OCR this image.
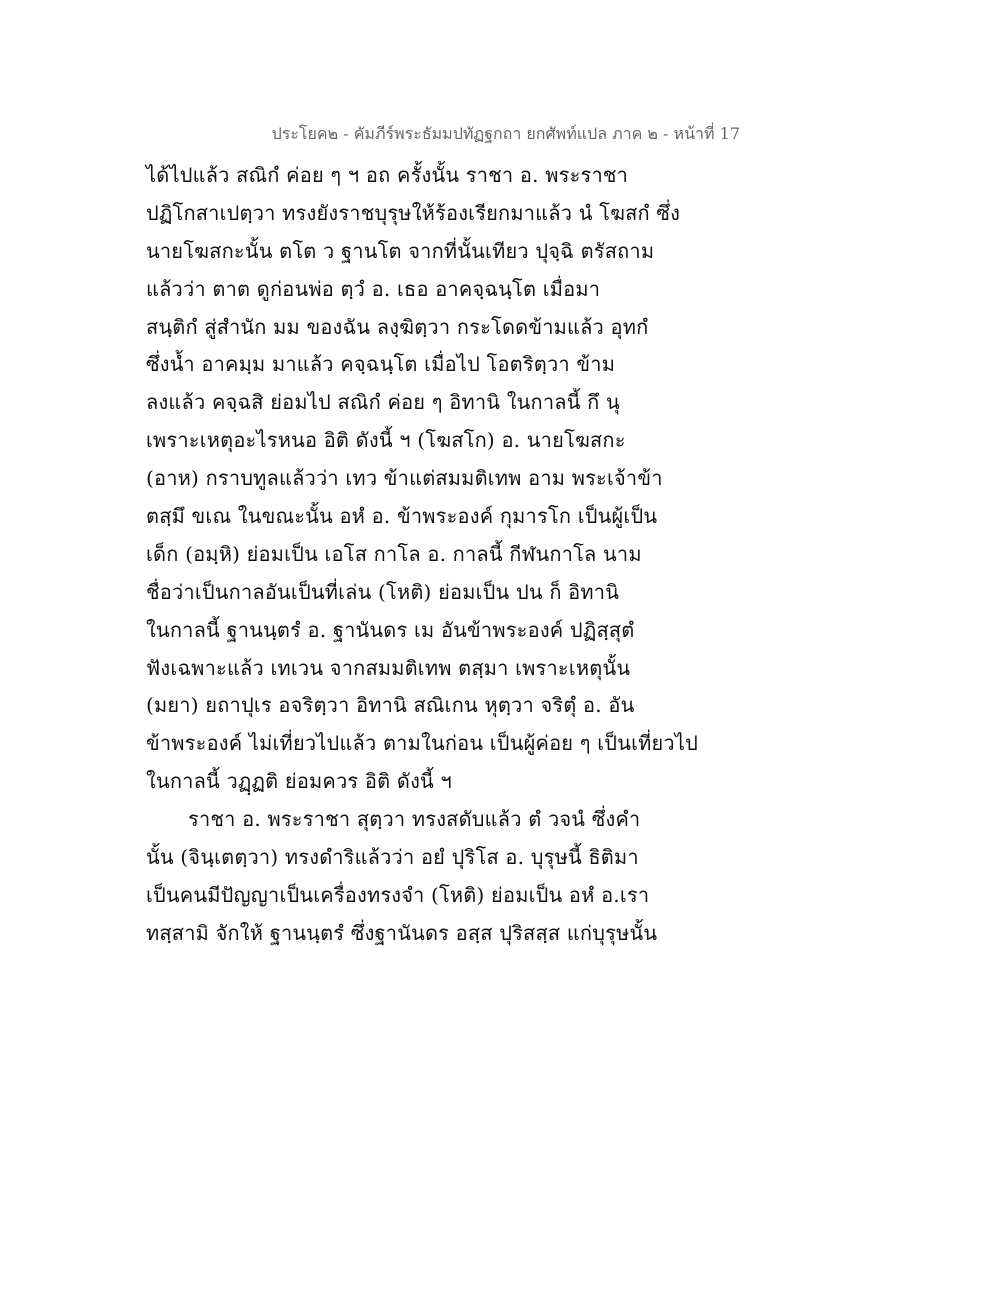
ประโยค๒ - คัมภีร์พระธัมมปทัฏฐกถา ยกศัพท์แปล ภาค ๒ - หน้าที่ 17
ได้ไปแล้ว สณิกํ ค่อย ๆ ฯ อถ ครั้งนั้น ราชา อ. พระราชา
ปฏิโกสาเปตฺวา ทรงยังราชบุรุษให้ร้องเรียกมาแล้ว นํ โฆสกํ ซึ่ง
นายโฆสกะนั้น ตโต ว ฐานโต จากที่นั้นเทียว ปุจฺฉิ ตรัสถาม
แล้วว่า ตาต ดูก่อนพ่อ ตฺวํ อ. เธอ อาคจฺฉนฺโต เมื่อมา
สนฺติกํ สู่สำนัก มม ของฉัน ลงฺฆิตฺวา กระโดดข้ามแล้ว อุทกํ
ซึ่งน้ำ อาคมฺม มาแล้ว คจฺฉนฺโต เมื่อไป โอตริตฺวา ข้าม
ลงแล้ว คจฺฉสิ ย่อมไป สณิกํ ค่อย ๆ อิทานิ ในกาลนี้ กึ นุ
เพราะเหตุอะไรหนอ อิติ ดังนี้ ฯ (โฆสโก) อ. นายโฆสกะ
(อาห) กราบทูลแล้วว่า เทว ข้าแต่สมมติเทพ อาม พระเจ้าข้า
ตสฺมึ ขเณ ในขณะนั้น อหํ อ. ข้าพระองค์ กุมารโก เป็นผู้เป็น
เด็ก (อมฺหิ) ย่อมเป็น เอโส กาโล อ. กาลนี้ กีฬนกาโล นาม
ชื่อว่าเป็นกาลอันเป็นที่เล่น (โหติ) ย่อมเป็น ปน ก็ อิทานิ
ในกาลนี้ ฐานนฺตรํ อ. ฐานันดร เม อันข้าพระองค์ ปฏิสฺสุตํ
ฟังเฉพาะแล้ว เทเวน จากสมมติเทพ ตสฺมา เพราะเหตุนั้น
(มยา) ยถาปุเร อจริตฺวา อิทานิ สณิเกน หุตฺวา จริตุํ อ. อัน
ข้าพระองค์ ไม่เที่ยวไปแล้ว ตามในก่อน เป็นผู้ค่อย ๆ เป็นเที่ยวไป
ในกาลนี้ วฏฺฏติ ย่อมควร อิติ ดังนี้ ฯ
ราชา อ. พระราชา สุตฺวา ทรงสดับแล้ว ตํ วจนํ ซึ่งคำ
นั้น (จินฺเตตฺวา) ทรงดำริแล้วว่า อยํ ปุริโส อ. บุรุษนี้ ธิติมา
เป็นคนมีปัญญาเป็นเครื่องทรงจำ (โหติ) ย่อมเป็น อหํ อ.เรา
ทสฺสามิ จักให้ ฐานนฺตรํ ซึ่งฐานันดร อสฺส ปุริสสฺส แก่บุรุษนั้น
